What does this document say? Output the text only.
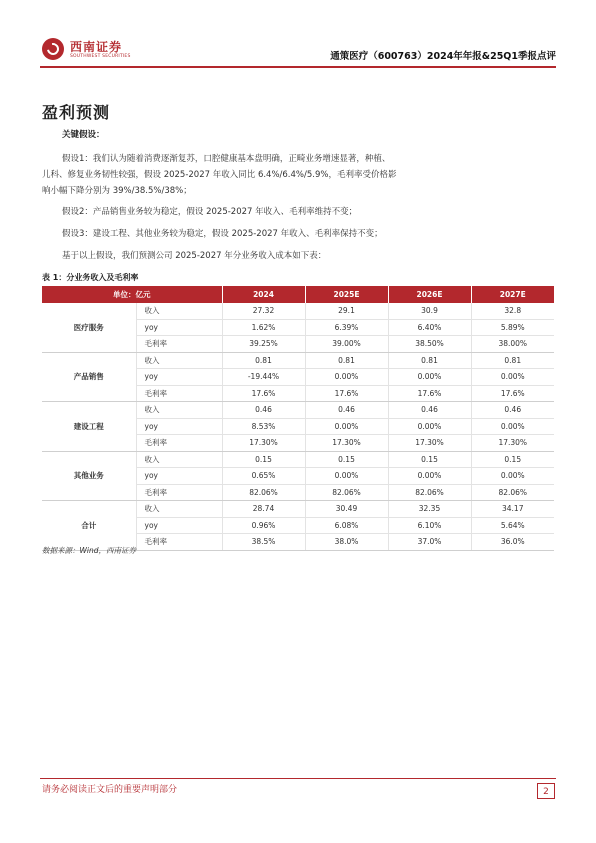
西南证券
SOUTHWEST SECURITIES	通策医疗（600763）2024年年报&25Q1季报点评
盈利预测
关键假设：
假设1：我们认为随着消费逐渐复苏，口腔健康基本盘明确，正畸业务增速显著，种植、
儿科、修复业务韧性较强，假设 2025-2027 年收入同比 6.4%/6.4%/5.9%，毛利率受价格影
响小幅下降分别为 39%/38.5%/38%；
假设2：产品销售业务较为稳定，假设 2025-2027 年收入、毛利率维持不变；
假设3：建设工程、其他业务较为稳定，假设 2025-2027 年收入、毛利率保持不变；
基于以上假设，我们预测公司 2025-2027 年分业务收入成本如下表：
表 1：分业务收入及毛利率
单位：亿元		2024	2025E	2026E	2027E
医疗服务	收入	27.32	29.1	30.9	32.8
	yoy	1.62%	6.39%	6.40%	5.89%
	毛利率	39.25%	39.00%	38.50%	38.00%
产品销售	收入	0.81	0.81	0.81	0.81
	yoy	-19.44%	0.00%	0.00%	0.00%
	毛利率	17.6%	17.6%	17.6%	17.6%
建设工程	收入	0.46	0.46	0.46	0.46
	yoy	8.53%	0.00%	0.00%	0.00%
	毛利率	17.30%	17.30%	17.30%	17.30%
其他业务	收入	0.15	0.15	0.15	0.15
	yoy	0.65%	0.00%	0.00%	0.00%
	毛利率	82.06%	82.06%	82.06%	82.06%
合计	收入	28.74	30.49	32.35	34.17
	yoy	0.96%	6.08%	6.10%	5.64%
	毛利率	38.5%	38.0%	37.0%	36.0%
数据来源：Wind，西南证券
请务必阅读正文后的重要声明部分	2
